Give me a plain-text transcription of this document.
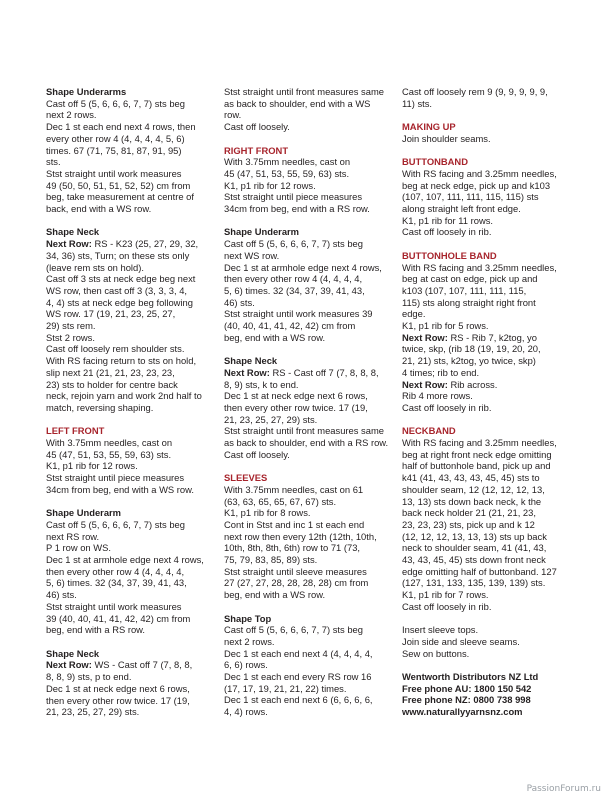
Shape Underarms
Cast off 5 (5, 6, 6, 6, 7, 7) sts beg
next 2 rows.
Dec 1 st each end next 4 rows, then
every other row 4 (4, 4, 4, 4, 5, 6)
times. 67 (71, 75, 81, 87, 91, 95)
sts.
Stst straight until work measures
49 (50, 50, 51, 51, 52, 52) cm from
beg, take measurement at centre of
back, end with a WS row.
Shape Neck
Next Row: RS - K23 (25, 27, 29, 32,
34, 36) sts, Turn; on these sts only
(leave rem sts on hold).
Cast off 3 sts at neck edge beg next
WS row, then cast off 3 (3, 3, 3, 4,
4, 4) sts at neck edge beg following
WS row. 17 (19, 21, 23, 25, 27,
29) sts rem.
Stst 2 rows.
Cast off loosely rem shoulder sts.
With RS facing return to sts on hold,
slip next 21 (21, 21, 23, 23, 23,
23) sts to holder for centre back
neck, rejoin yarn and work 2nd half to
match, reversing shaping.
LEFT FRONT
With 3.75mm needles, cast on
45 (47, 51, 53, 55, 59, 63) sts.
K1, p1 rib for 12 rows.
Stst straight until piece measures
34cm from beg, end with a WS row.
Shape Underarm
Cast off 5 (5, 6, 6, 6, 7, 7) sts beg
next RS row.
P 1 row on WS.
Dec 1 st at armhole edge next 4 rows,
then every other row 4 (4, 4, 4, 4,
5, 6) times. 32 (34, 37, 39, 41, 43,
46) sts.
Stst straight until work measures
39 (40, 40, 41, 41, 42, 42) cm from
beg, end with a RS row.
Shape Neck
Next Row: WS - Cast off 7 (7, 8, 8,
8, 8, 9) sts, p to end.
Dec 1 st at neck edge next 6 rows,
then every other row twice. 17 (19,
21, 23, 25, 27, 29) sts.
Stst straight until front measures same
as back to shoulder, end with a WS
row.
Cast off loosely.
RIGHT FRONT
With 3.75mm needles, cast on
45 (47, 51, 53, 55, 59, 63) sts.
K1, p1 rib for 12 rows.
Stst straight until piece measures
34cm from beg, end with a RS row.
Shape Underarm
Cast off 5 (5, 6, 6, 6, 7, 7) sts beg
next WS row.
Dec 1 st at armhole edge next 4 rows,
then every other row 4 (4, 4, 4, 4,
5, 6) times. 32 (34, 37, 39, 41, 43,
46) sts.
Stst straight until work measures 39
(40, 40, 41, 41, 42, 42) cm from
beg, end with a WS row.
Shape Neck
Next Row: RS - Cast off 7 (7, 8, 8, 8,
8, 9) sts, k to end.
Dec 1 st at neck edge next 6 rows,
then every other row twice. 17 (19,
21, 23, 25, 27, 29) sts.
Stst straight until front measures same
as back to shoulder, end with a RS row.
Cast off loosely.
SLEEVES
With 3.75mm needles, cast on 61
(63, 63, 65, 65, 67, 67) sts.
K1, p1 rib for 8 rows.
Cont in Stst and inc 1 st each end
next row then every 12th (12th, 10th,
10th, 8th, 8th, 6th) row to 71 (73,
75, 79, 83, 85, 89) sts.
Stst straight until sleeve measures
27 (27, 27, 28, 28, 28, 28) cm from
beg, end with a WS row.
Shape Top
Cast off 5 (5, 6, 6, 6, 7, 7) sts beg
next 2 rows.
Dec 1 st each end next 4 (4, 4, 4, 4,
6, 6) rows.
Dec 1 st each end every RS row 16
(17, 17, 19, 21, 21, 22) times.
Dec 1 st each end next 6 (6, 6, 6, 6,
4, 4) rows.
Cast off loosely rem 9 (9, 9, 9, 9, 9,
11) sts.
MAKING UP
Join shoulder seams.
BUTTONBAND
With RS facing and 3.25mm needles,
beg at neck edge, pick up and k103
(107, 107, 111, 111, 115, 115) sts
along straight left front edge.
K1, p1 rib for 11 rows.
Cast off loosely in rib.
BUTTONHOLE BAND
With RS facing and 3.25mm needles,
beg at cast on edge, pick up and
k103 (107, 107, 111, 111, 115,
115) sts along straight right front
edge.
K1, p1 rib for 5 rows.
Next Row: RS - Rib 7, k2tog, yo
twice, skp, (rib 18 (19, 19, 20, 20,
21, 21) sts, k2tog, yo twice, skp)
4 times; rib to end.
Next Row: Rib across.
Rib 4 more rows.
Cast off loosely in rib.
NECKBAND
With RS facing and 3.25mm needles,
beg at right front neck edge omitting
half of buttonhole band, pick up and
k41 (41, 43, 43, 43, 45, 45) sts to
shoulder seam, 12 (12, 12, 12, 13,
13, 13) sts down back neck, k the
back neck holder 21 (21, 21, 23,
23, 23, 23) sts, pick up and k 12
(12, 12, 12, 13, 13, 13) sts up back
neck to shoulder seam, 41 (41, 43,
43, 43, 45, 45) sts down front neck
edge omitting half of buttonband. 127
(127, 131, 133, 135, 139, 139) sts.
K1, p1 rib for 7 rows.
Cast off loosely in rib.
Insert sleeve tops.
Join side and sleeve seams.
Sew on buttons.
Wentworth Distributors NZ Ltd
Free phone AU: 1800 150 542
Free phone NZ: 0800 738 998
www.naturallyyarnsnz.com
PassionForum.ru
